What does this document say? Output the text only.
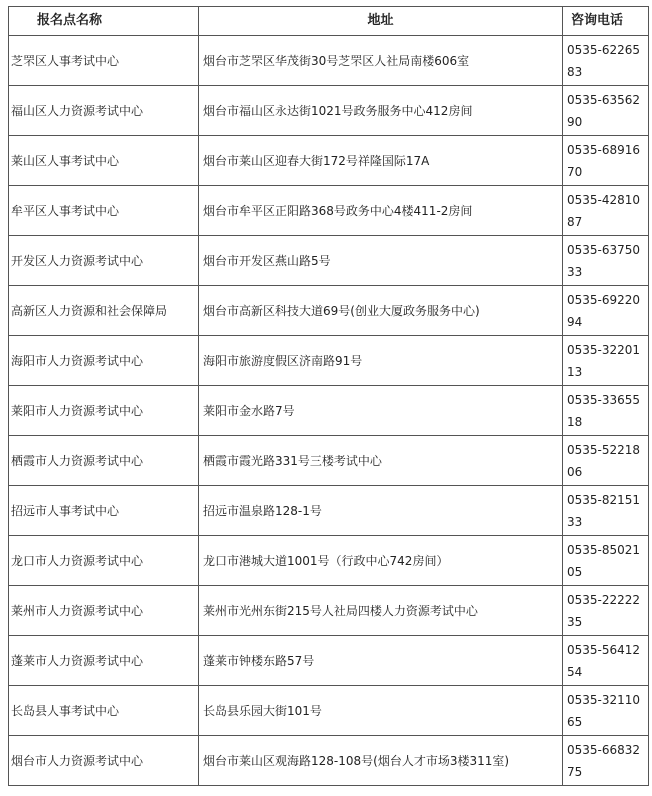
报名点名称	地址	咨询电话
芝罘区人事考试中心	烟台市芝罘区华茂街30号芝罘区人社局南楼606室	0535-6226583
福山区人力资源考试中心	烟台市福山区永达街1021号政务服务中心412房间	0535-6356290
莱山区人事考试中心	烟台市莱山区迎春大街172号祥隆国际17A	0535-6891670
牟平区人事考试中心	烟台市牟平区正阳路368号政务中心4楼411-2房间	0535-4281087
开发区人力资源考试中心	烟台市开发区燕山路5号	0535-6375033
高新区人力资源和社会保障局	烟台市高新区科技大道69号(创业大厦政务服务中心)	0535-6922094
海阳市人力资源考试中心	海阳市旅游度假区济南路91号	0535-3220113
莱阳市人力资源考试中心	莱阳市金水路7号	0535-3365518
栖霞市人力资源考试中心	栖霞市霞光路331号三楼考试中心	0535-5221806
招远市人事考试中心	招远市温泉路128-1号	0535-8215133
龙口市人力资源考试中心	龙口市港城大道1001号（行政中心742房间）	0535-8502105
莱州市人力资源考试中心	莱州市光州东街215号人社局四楼人力资源考试中心	0535-2222235
蓬莱市人力资源考试中心	蓬莱市钟楼东路57号	0535-5641254
长岛县人事考试中心	长岛县乐园大街101号	0535-3211065
烟台市人力资源考试中心	烟台市莱山区观海路128-108号(烟台人才市场3楼311室)	0535-6683275
